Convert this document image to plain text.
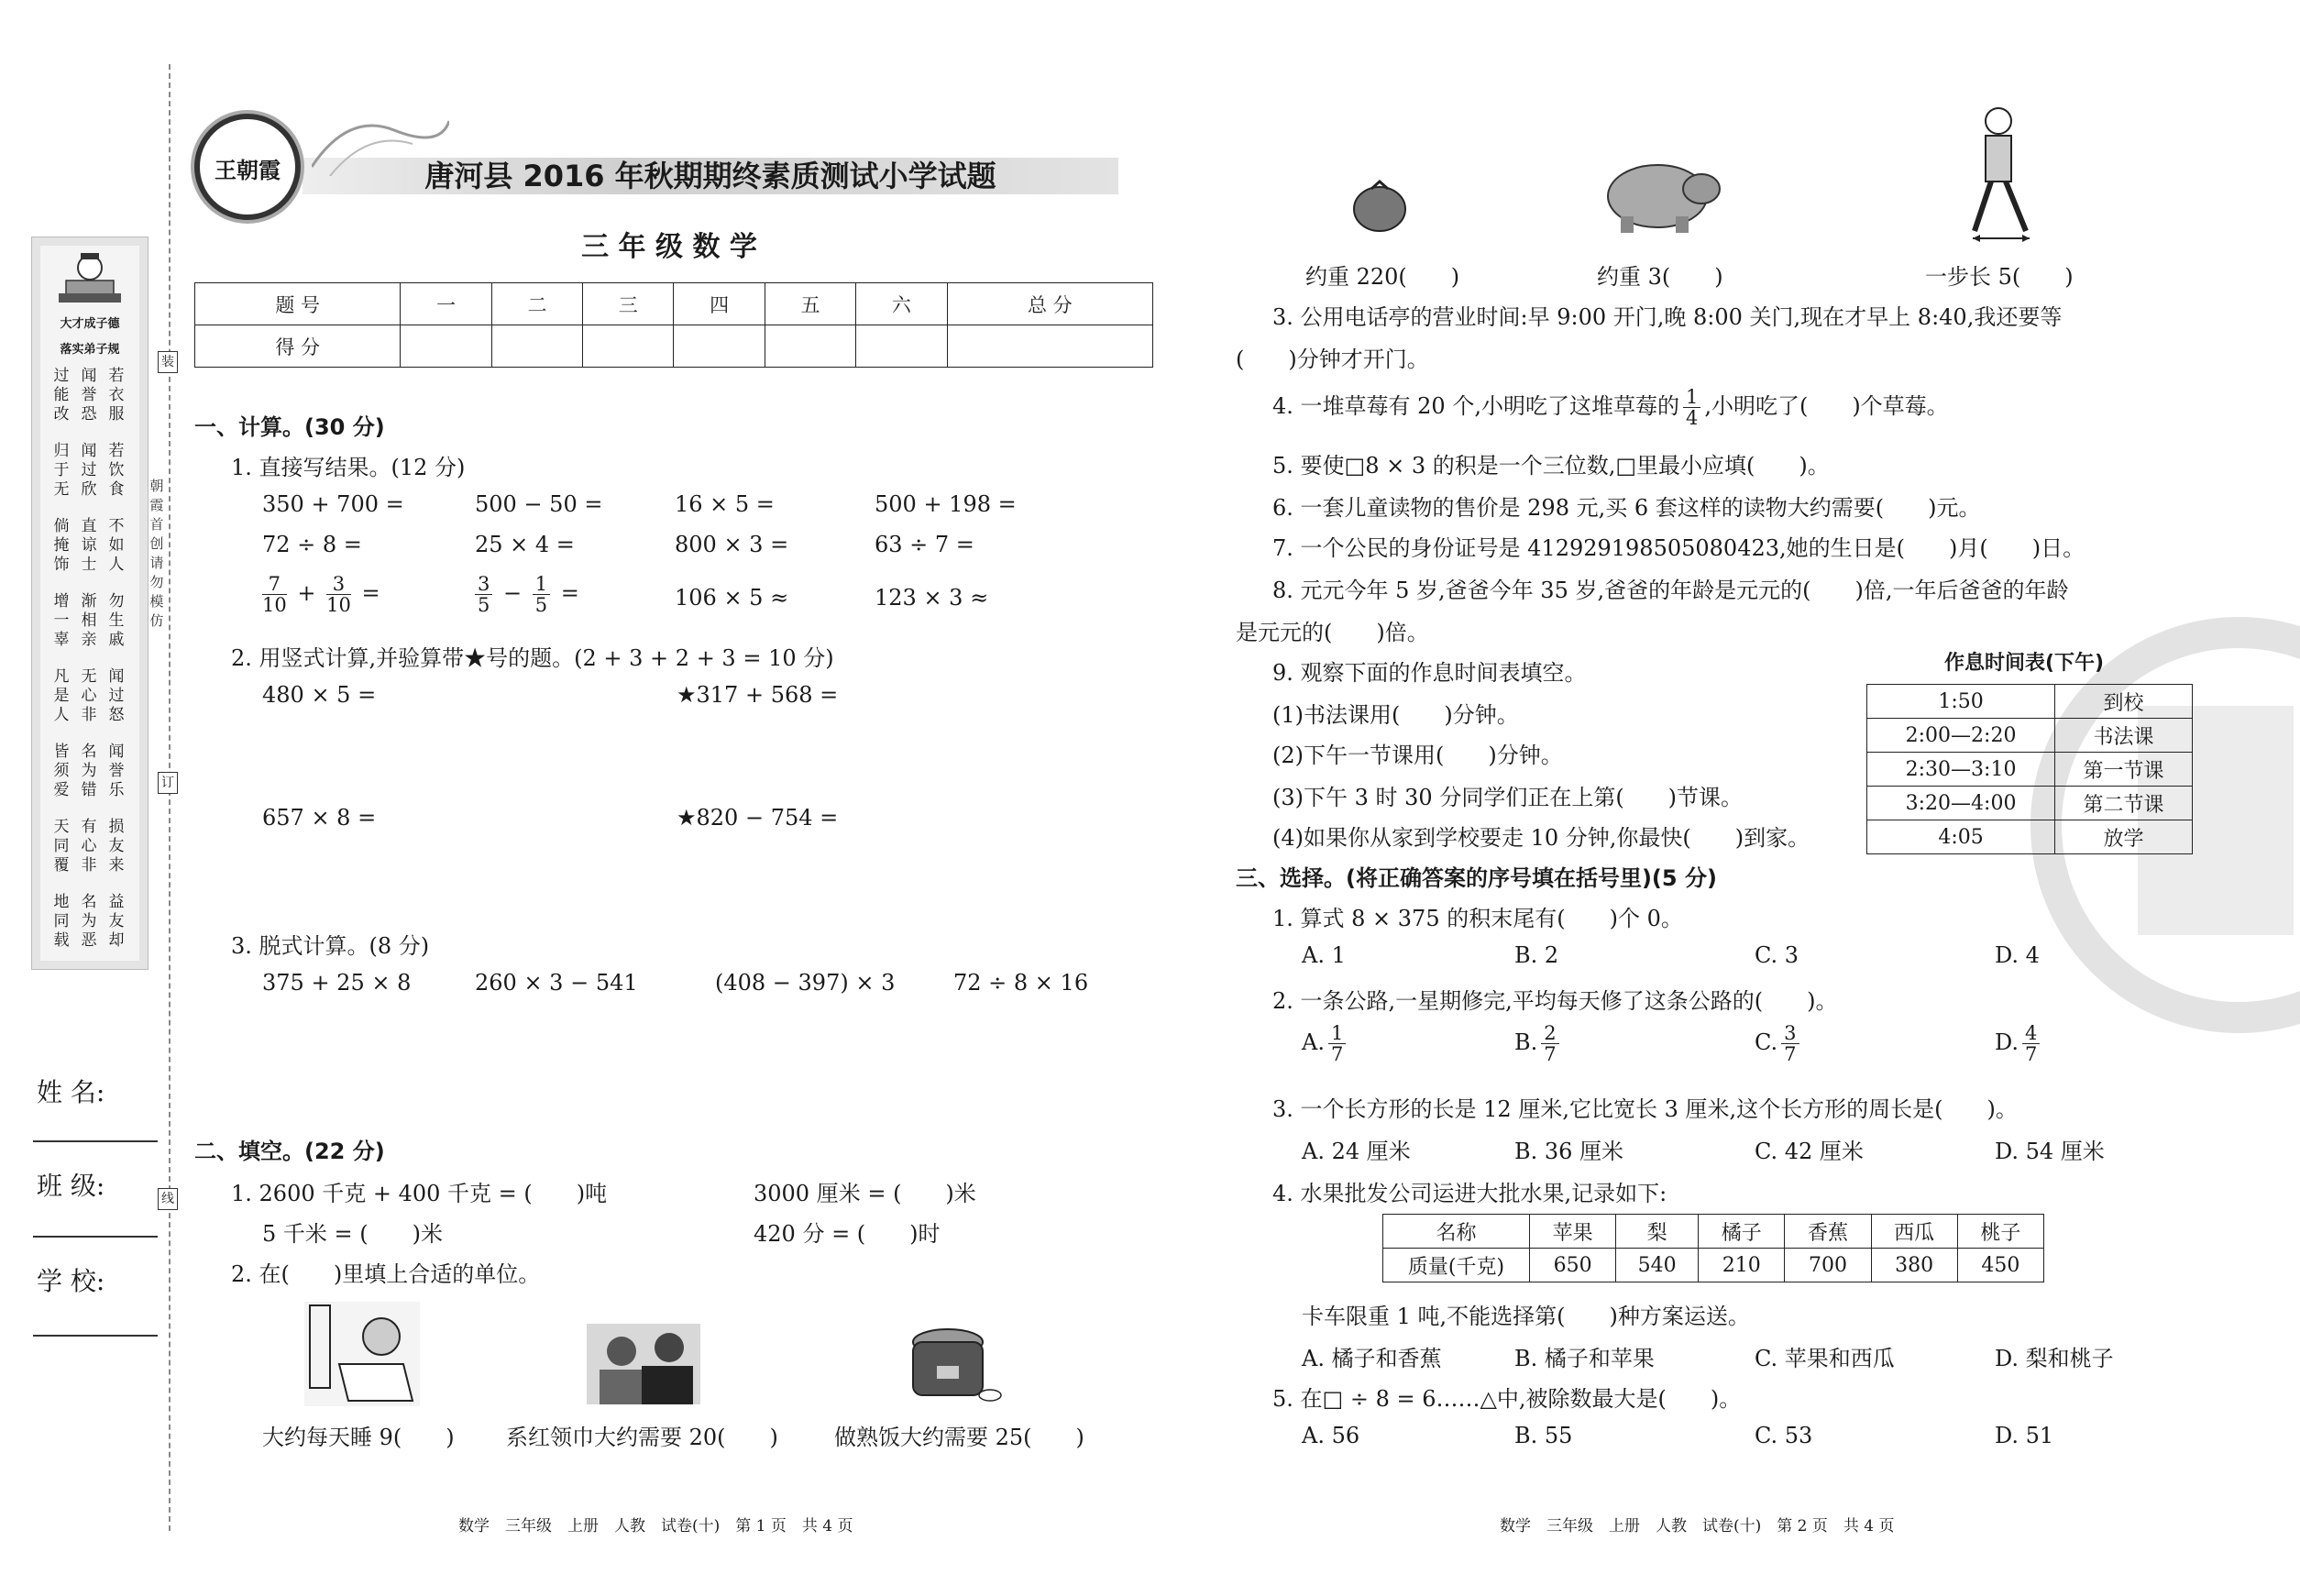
大才成子德
落实弟子规
过能改
闻誉恐
若衣服
归于无
闻过欣
若饮食
倘掩饰
直谅士
不如人
增一辜
渐相亲
勿生戚
凡是人
无心非
闻过怒
皆须爱
名为错
闻誉乐
天同覆
有心非
损友来
地同载
名为恶
益友却
朝霞首创 请勿模仿
装
订
线
姓 名:
班 级:
学 校:
王朝霞	唐河县 2016 年秋期期终素质测试小学试题
三 年 级 数 学
题 号	一	二	三	四	五	六	总 分
得 分							
一、计算。(30 分)
1. 直接写结果。(12 分)
350 + 700 =	500 − 50 =	16 × 5 =	500 + 198 =
72 ÷ 8 =	25 × 4 =	800 × 3 =	63 ÷ 7 =
$\frac{7}{10} + \frac{3}{10}$ =	$\frac{3}{5} - \frac{1}{5}$ =	106 × 5 ≈	123 × 3 ≈
2. 用竖式计算,并验算带★号的题。(2 + 3 + 2 + 3 = 10 分)
480 × 5 =	★317 + 568 =
657 × 8 =	★820 − 754 =
3. 脱式计算。(8 分)
375 + 25 × 8	260 × 3 − 541	(408 − 397) × 3	72 ÷ 8 × 16
二、填空。(22 分)
1. 2600 千克 + 400 千克 = (　　)吨	3000 厘米 = (　　)米
5 千米 = (　　)米	420 分 = (　　)时
2. 在(　　)里填上合适的单位。
大约每天睡 9(　　) 系红领巾大约需要 20(　　)	做熟饭大约需要 25(　　)
数学　三年级　上册　人教　试卷(十)　第 1 页　共 4 页
约重 220(　　)	约重 3(　　)	一步长 5(　　)
3. 公用电话亭的营业时间:早 9:00 开门,晚 8:00 关门,现在才早上 8:40,我还要等
(　　)分钟才开门。
4. 一堆草莓有 20 个,小明吃了这堆草莓的 $\frac{1}{4}$ ,小明吃了(　　)个草莓。
5. 要使□8 × 3 的积是一个三位数,□里最小应填(　　)。
6. 一套儿童读物的售价是 298 元,买 6 套这样的读物大约需要(　　)元。
7. 一个公民的身份证号是 412929198505080423,她的生日是(　　)月(　　)日。
8. 元元今年 5 岁,爸爸今年 35 岁,爸爸的年龄是元元的(　　)倍,一年后爸爸的年龄
是元元的(　　)倍。
9. 观察下面的作息时间表填空。
(1)书法课用(　　)分钟。
(2)下午一节课用(　　)分钟。
(3)下午 3 时 30 分同学们正在上第(　　)节课。
(4)如果你从家到学校要走 10 分钟,你最快(　　)到家。
作息时间表(下午)
1:50	到校
2:00—2:20	书法课
2:30—3:10	第一节课
3:20—4:00	第二节课
4:05	放学
三、选择。(将正确答案的序号填在括号里)(5 分)
1. 算式 8 × 375 的积末尾有(　　)个 0。
A. 1	B. 2	C. 3	D. 4
2. 一条公路,一星期修完,平均每天修了这条公路的(　　)。
A. $\frac{1}{7}$	B. $\frac{2}{7}$	C. $\frac{3}{7}$	D. $\frac{4}{7}$
3. 一个长方形的长是 12 厘米,它比宽长 3 厘米,这个长方形的周长是(　　)。
A. 24 厘米	B. 36 厘米	C. 42 厘米	D. 54 厘米
4. 水果批发公司运进大批水果,记录如下:
名称	苹果	梨	橘子	香蕉	西瓜	桃子
质量(千克)	650	540	210	700	380	450
卡车限重 1 吨,不能选择第(　　)种方案运送。
A. 橘子和香蕉	B. 橘子和苹果	C. 苹果和西瓜	D. 梨和桃子
5. 在□ ÷ 8 = 6……△中,被除数最大是(　　)。
A. 56	B. 55	C. 53	D. 51
数学　三年级　上册　人教　试卷(十)　第 2 页　共 4 页
